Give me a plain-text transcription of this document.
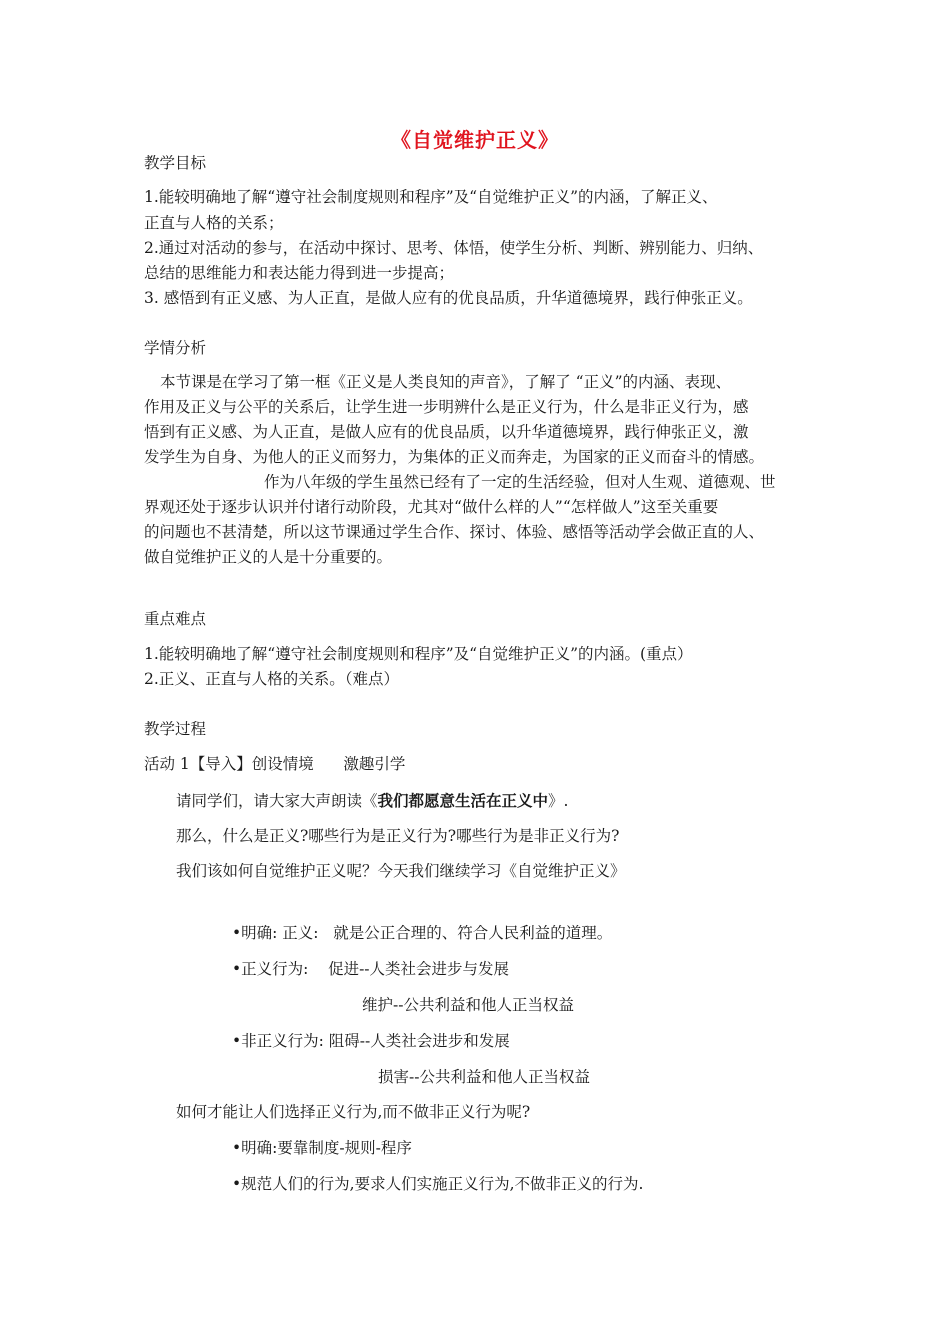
《自觉维护正义》
教学目标
1.能较明确地了解“遵守社会制度规则和程序”及“自觉维护正义”的内涵，了解正义、
正直与人格的关系；
2.通过对活动的参与，在活动中探讨、思考、体悟，使学生分析、判断、辨别能力、归纳、
总结的思维能力和表达能力得到进一步提高；
3. 感悟到有正义感、为人正直，是做人应有的优良品质，升华道德境界，践行伸张正义。
学情分析
本节课是在学习了第一框《正义是人类良知的声音》，了解了 “正义”的内涵、表现、
作用及正义与公平的关系后，让学生进一步明辨什么是正义行为，什么是非正义行为，感
悟到有正义感、为人正直，是做人应有的优良品质，以升华道德境界，践行伸张正义，激
发学生为自身、为他人的正义而努力，为集体的正义而奔走，为国家的正义而奋斗的情感。
作为八年级的学生虽然已经有了一定的生活经验，但对人生观、道德观、世
界观还处于逐步认识并付诸行动阶段，尤其对“做什么样的人”“怎样做人”这至关重要
的问题也不甚清楚，所以这节课通过学生合作、探讨、体验、感悟等活动学会做正直的人、
做自觉维护正义的人是十分重要的。
重点难点
1.能较明确地了解“遵守社会制度规则和程序”及“自觉维护正义”的内涵。(重点）
2.正义、正直与人格的关系。（难点）
教学过程
活动 1【导入】创设情境      激趣引学
请同学们，请大家大声朗读《我们都愿意生活在正义中》.
那么，什么是正义?哪些行为是正义行为?哪些行为是非正义行为?
我们该如何自觉维护正义呢？今天我们继续学习《自觉维护正义》
•明确: 正义:   就是公正合理的、符合人民利益的道理。
•正义行为:    促进--人类社会进步与发展
维护--公共利益和他人正当权益
•非正义行为: 阻碍--人类社会进步和发展
损害--公共利益和他人正当权益
如何才能让人们选择正义行为,而不做非正义行为呢?
•明确:要靠制度-规则-程序
•规范人们的行为,要求人们实施正义行为,不做非正义的行为.
